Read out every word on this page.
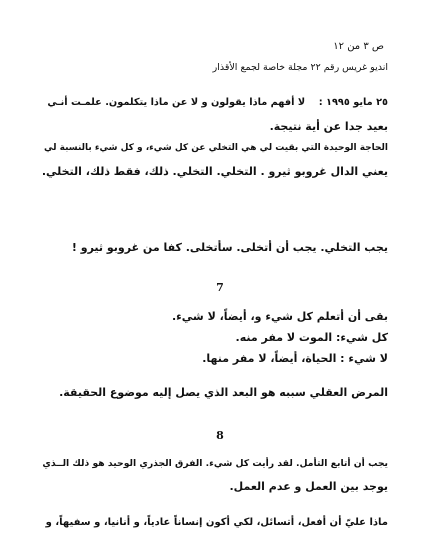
ص ٣ من ١٢
انديو غريس رقم ٢٢ مجلة خاصة لجمع الأقذار
٢٥ مايو ١٩٩٥ :    لا أفهم ماذا يقولون و لا عن ماذا يتكلمون. علمـت أنـي
بعيد جدا عن أية نتيجة.
الحاجة الوحيدة التي بقيت لي هي التخلي عن كل شيء، و كل شيء بالنسبة لي
يعني الدال غروبو ثيرو . التخلي. التخلي. ذلك، فقط ذلك، التخلي.
يجب التخلي. يجب أن أتخلى. سأتخلى. كفا من غروبو ثيرو !
7
بقى أن أتعلم كل شيء و، أيضاً، لا شيء.
كل شيء: الموت لا مفر منه.
لا شيء : الحياة، أيضاً، لا مفر منها.
المرض العقلي سببه هو البعد الذي يصل إليه موضوع الحقيقة.
8
يجب أن أتابع التأمل. لقد رأيت كل شيء. الفرق الجذري الوحيد هو ذلك الــذي
يوجد بين العمل و عدم العمل.
ماذا عليّ أن أفعل، أتسائل، لكي أكون إنساناً عادياً، و أنانيا، و سفيهاً، و
